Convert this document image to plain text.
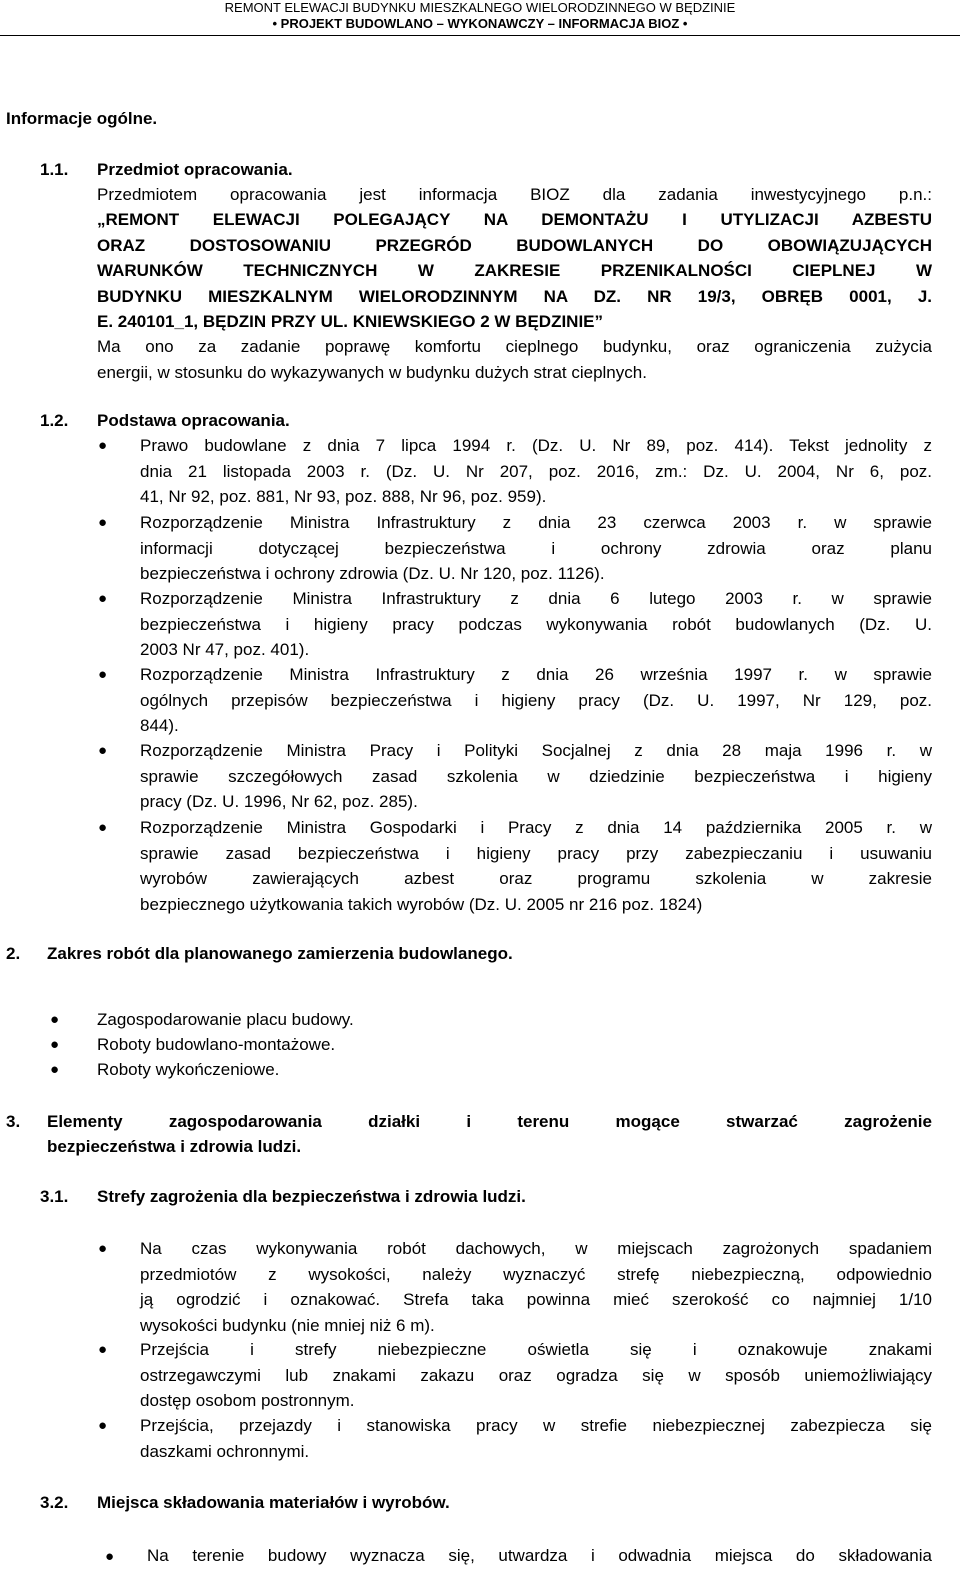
REMONT ELEWACJI BUDYNKU MIESZKALNEGO WIELORODZINNEGO W BĘDZINIE
• PROJEKT BUDOWLANO – WYKONAWCZY – INFORMACJA BIOZ •
Informacje ogólne.
1.1. Przedmiot opracowania.
Przedmiotem opracowania jest informacja BIOZ dla zadania inwestycyjnego p.n.:
„REMONT ELEWACJI POLEGAJĄCY NA DEMONTAŻU I UTYLIZACJI AZBESTU
ORAZ DOSTOSOWANIU PRZEGRÓD BUDOWLANYCH DO OBOWIĄZUJĄCYCH
WARUNKÓW TECHNICZNYCH W ZAKRESIE PRZENIKALNOŚCI CIEPLNEJ W
BUDYNKU MIESZKALNYM WIELORODZINNYM NA DZ. NR 19/3, OBRĘB 0001, J.
E. 240101_1, BĘDZIN PRZY UL. KNIEWSKIEGO 2 W BĘDZINIE”
Ma ono za zadanie poprawę komfortu cieplnego budynku, oraz ograniczenia zużycia
energii, w stosunku do wykazywanych w budynku dużych strat cieplnych.
1.2. Podstawa opracowania.
● Prawo budowlane z dnia 7 lipca 1994 r. (Dz. U. Nr 89, poz. 414). Tekst jednolity z
dnia 21 listopada 2003 r. (Dz. U. Nr 207, poz. 2016, zm.: Dz. U. 2004, Nr 6, poz.
41, Nr 92, poz. 881, Nr 93, poz. 888, Nr 96, poz. 959).
● Rozporządzenie Ministra Infrastruktury z dnia 23 czerwca 2003 r. w sprawie
informacji dotyczącej bezpieczeństwa i ochrony zdrowia oraz planu
bezpieczeństwa i ochrony zdrowia (Dz. U. Nr 120, poz. 1126).
● Rozporządzenie Ministra Infrastruktury z dnia 6 lutego 2003 r. w sprawie
bezpieczeństwa i higieny pracy podczas wykonywania robót budowlanych (Dz. U.
2003 Nr 47, poz. 401).
● Rozporządzenie Ministra Infrastruktury z dnia 26 września 1997 r. w sprawie
ogólnych przepisów bezpieczeństwa i higieny pracy (Dz. U. 1997, Nr 129, poz.
844).
● Rozporządzenie Ministra Pracy i Polityki Socjalnej z dnia 28 maja 1996 r. w
sprawie szczegółowych zasad szkolenia w dziedzinie bezpieczeństwa i higieny
pracy (Dz. U. 1996, Nr 62, poz. 285).
● Rozporządzenie Ministra Gospodarki i Pracy z dnia 14 października 2005 r. w
sprawie zasad bezpieczeństwa i higieny pracy przy zabezpieczaniu i usuwaniu
wyrobów zawierających azbest oraz programu szkolenia w zakresie
bezpiecznego użytkowania takich wyrobów (Dz. U. 2005 nr 216 poz. 1824)
2. Zakres robót dla planowanego zamierzenia budowlanego.
● Zagospodarowanie placu budowy.
● Roboty budowlano-montażowe.
● Roboty wykończeniowe.
3. Elementy	zagospodarowania	działki	i	terenu	mogące	stwarzać	zagrożenie
bezpieczeństwa i zdrowia ludzi.
3.1. Strefy zagrożenia dla bezpieczeństwa i zdrowia ludzi.
● Na czas wykonywania robót dachowych, w miejscach zagrożonych spadaniem
przedmiotów z wysokości, należy wyznaczyć strefę niebezpieczną, odpowiednio
ją ogrodzić i oznakować. Strefa taka powinna mieć szerokość co najmniej 1/10
wysokości budynku (nie mniej niż 6 m).
● Przejścia i strefy niebezpieczne oświetla się i oznakowuje znakami
ostrzegawczymi lub znakami zakazu oraz ogradza się w sposób uniemożliwiający
dostęp osobom postronnym.
● Przejścia, przejazdy i stanowiska pracy w strefie niebezpiecznej zabezpiecza się
daszkami ochronnymi.
3.2. Miejsca składowania materiałów i wyrobów.
● Na terenie budowy wyznacza się, utwardza i odwadnia miejsca do składowania
